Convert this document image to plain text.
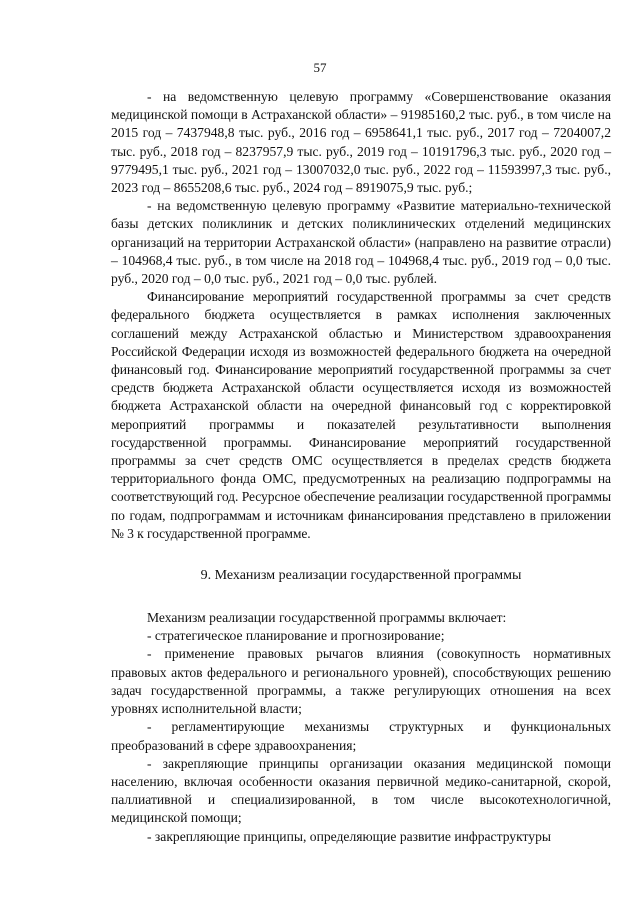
57

- на ведомственную целевую программу «Совершенствование оказания медицинской помощи в Астраханской области» – 91985160,2 тыс. руб., в том числе на 2015 год – 7437948,8 тыс. руб., 2016 год – 6958641,1 тыс. руб., 2017 год – 7204007,2 тыс. руб., 2018 год – 8237957,9 тыс. руб., 2019 год – 10191796,3 тыс. руб., 2020 год – 9779495,1 тыс. руб., 2021 год – 13007032,0 тыс. руб., 2022 год – 11593997,3 тыс. руб., 2023 год – 8655208,6 тыс. руб., 2024 год – 8919075,9 тыс. руб.;

- на ведомственную целевую программу «Развитие материально-технической базы детских поликлиник и детских поликлинических отделений медицинских организаций на территории Астраханской области» (направлено на развитие отрасли) – 104968,4 тыс. руб., в том числе на 2018 год – 104968,4 тыс. руб., 2019 год – 0,0 тыс. руб., 2020 год – 0,0 тыс. руб., 2021 год – 0,0 тыс. рублей.

Финансирование мероприятий государственной программы за счет средств федерального бюджета осуществляется в рамках исполнения заключенных соглашений между Астраханской областью и Министерством здравоохранения Российской Федерации исходя из возможностей федерального бюджета на очередной финансовый год. Финансирование мероприятий государственной программы за счет средств бюджета Астраханской области осуществляется исходя из возможностей бюджета Астраханской области на очередной финансовый год с корректировкой мероприятий программы и показателей результативности выполнения государственной программы. Финансирование мероприятий государственной программы за счет средств ОМС осуществляется в пределах средств бюджета территориального фонда ОМС, предусмотренных на реализацию подпрограммы на соответствующий год. Ресурсное обеспечение реализации государственной программы по годам, подпрограммам и источникам финансирования представлено в приложении № 3 к государственной программе.

9. Механизм реализации государственной программы

Механизм реализации государственной программы включает:

- стратегическое планирование и прогнозирование;

- применение правовых рычагов влияния (совокупность нормативных правовых актов федерального и регионального уровней), способствующих решению задач государственной программы, а также регулирующих отношения на всех уровнях исполнительной власти;

- регламентирующие механизмы структурных и функциональных преобразований в сфере здравоохранения;

- закрепляющие принципы организации оказания медицинской помощи населению, включая особенности оказания первичной медико-санитарной, скорой, паллиативной и специализированной, в том числе высокотехнологичной, медицинской помощи;

- закрепляющие принципы, определяющие развитие инфраструктуры
